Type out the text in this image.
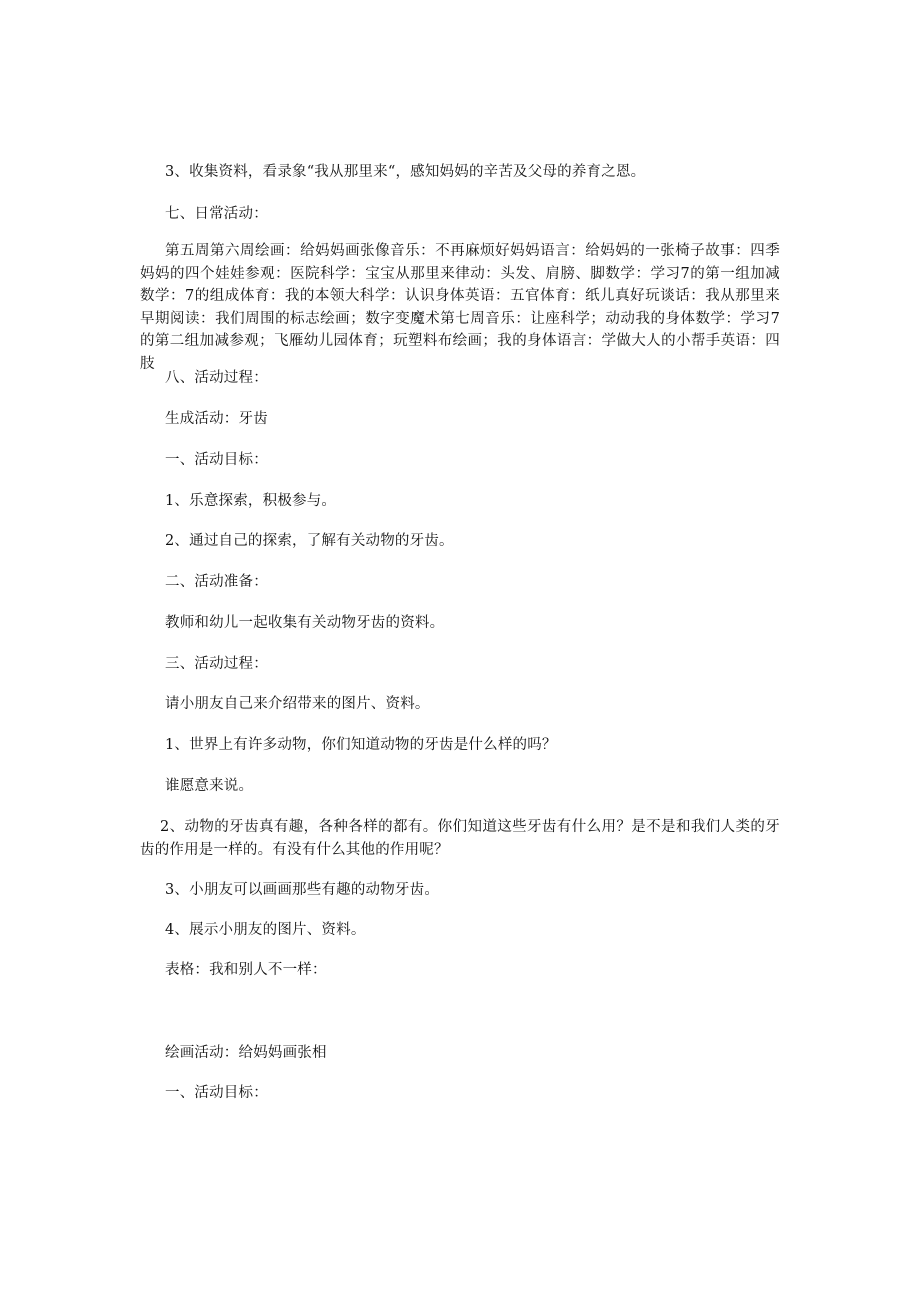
3、收集资料，看录象“我从那里来“，感知妈妈的辛苦及父母的养育之恩。
七、日常活动：
第五周第六周绘画：给妈妈画张像音乐：不再麻烦好妈妈语言：给妈妈的一张椅子故事：四季妈妈的四个娃娃参观：医院科学：宝宝从那里来律动：头发、肩膀、脚数学：学习7的第一组加减数学：7的组成体育：我的本领大科学：认识身体英语：五官体育：纸儿真好玩谈话：我从那里来早期阅读：我们周围的标志绘画；数字变魔术第七周音乐：让座科学；动动我的身体数学：学习7的第二组加减参观；飞雁幼儿园体育；玩塑料布绘画；我的身体语言：学做大人的小帮手英语：四肢
八、活动过程：
生成活动：牙齿
一、活动目标：
1、乐意探索，积极参与。
2、通过自己的探索，了解有关动物的牙齿。
二、活动准备：
教师和幼儿一起收集有关动物牙齿的资料。
三、活动过程：
请小朋友自己来介绍带来的图片、资料。
1、世界上有许多动物，你们知道动物的牙齿是什么样的吗？
谁愿意来说。
2、动物的牙齿真有趣，各种各样的都有。你们知道这些牙齿有什么用？是不是和我们人类的牙齿的作用是一样的。有没有什么其他的作用呢？
3、小朋友可以画画那些有趣的动物牙齿。
4、展示小朋友的图片、资料。
表格：我和别人不一样：
绘画活动：给妈妈画张相
一、活动目标：
